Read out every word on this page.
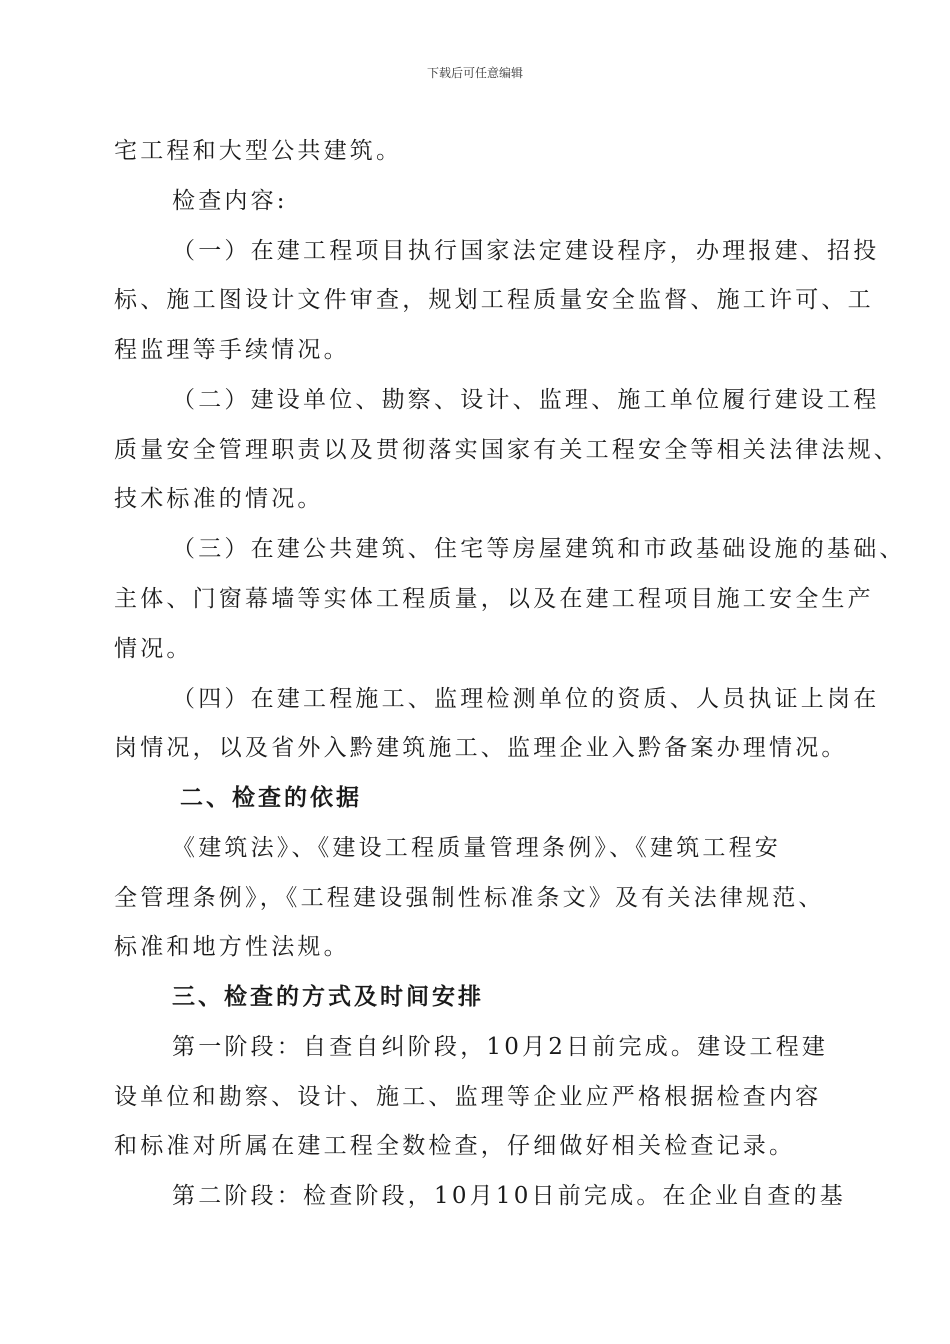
下载后可任意编辑
宅工程和大型公共建筑。
检查内容:
（一）在建工程项目执行国家法定建设程序，办理报建、招投
标、施工图设计文件审查，规划工程质量安全监督、施工许可、工
程监理等手续情况。
（二）建设单位、勘察、设计、监理、施工单位履行建设工程
质量安全管理职责以及贯彻落实国家有关工程安全等相关法律法规、
技术标准的情况。
（三）在建公共建筑、住宅等房屋建筑和市政基础设施的基础、
主体、门窗幕墙等实体工程质量，以及在建工程项目施工安全生产
情况。
（四）在建工程施工、监理检测单位的资质、人员执证上岗在
岗情况，以及省外入黔建筑施工、监理企业入黔备案办理情况。
二、检查的依据
《建筑法》、《建设工程质量管理条例》、《建筑工程安
全管理条例》，《工程建设强制性标准条文》及有关法律规范、
标准和地方性法规。
三、检查的方式及时间安排
第一阶段：自查自纠阶段，10月2日前完成。建设工程建
设单位和勘察、设计、施工、监理等企业应严格根据检查内容
和标准对所属在建工程全数检查，仔细做好相关检查记录。
第二阶段：检查阶段，10月10日前完成。在企业自查的基
